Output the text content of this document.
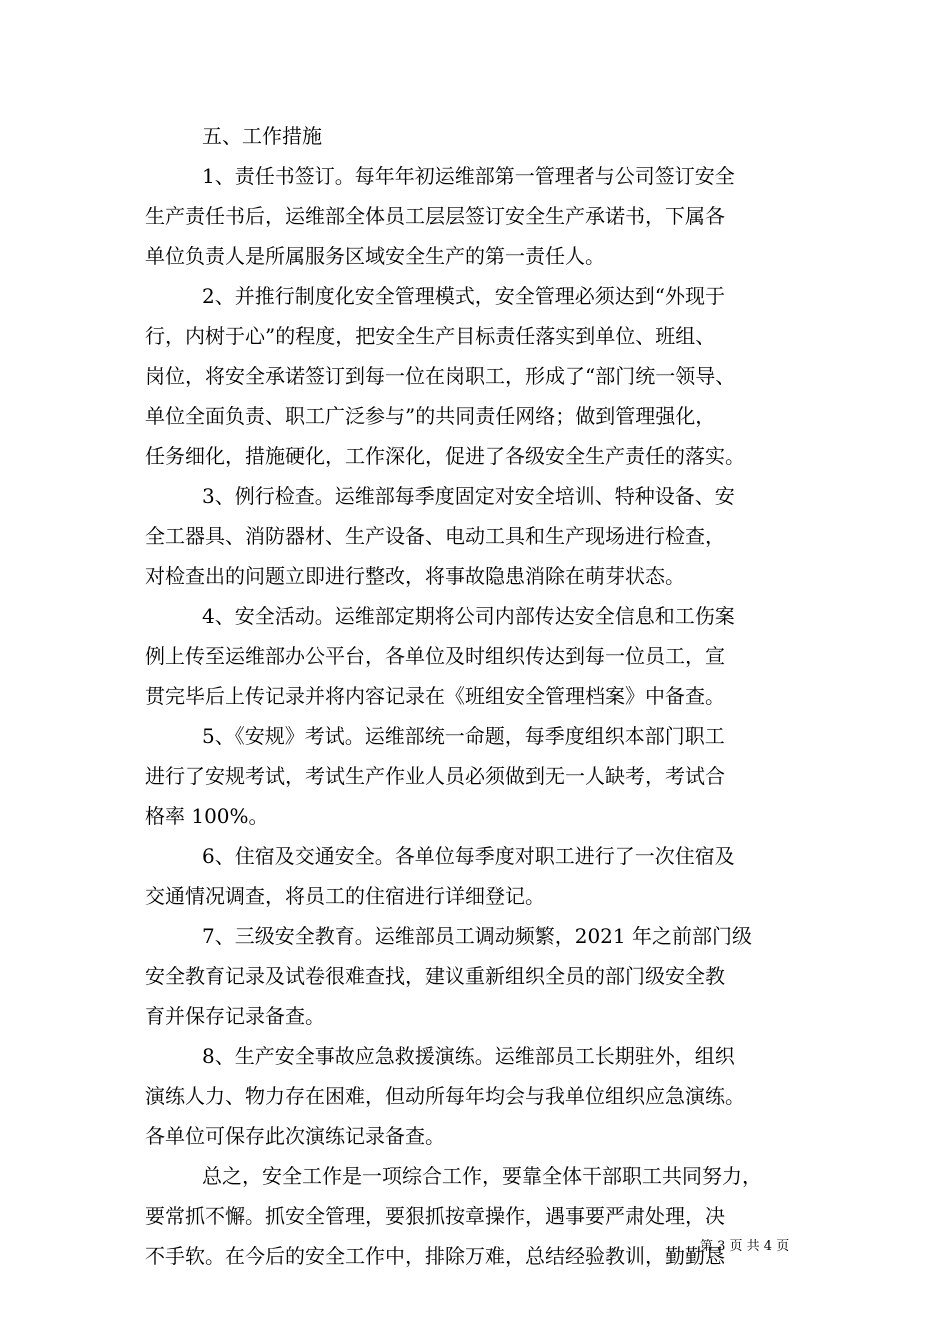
五、工作措施
1、责任书签订。每年年初运维部第一管理者与公司签订安全
生产责任书后，运维部全体员工层层签订安全生产承诺书，下属各
单位负责人是所属服务区域安全生产的第一责任人。
2、并推行制度化安全管理模式，安全管理必须达到“外现于
行，内树于心”的程度，把安全生产目标责任落实到单位、班组、
岗位，将安全承诺签订到每一位在岗职工，形成了“部门统一领导、
单位全面负责、职工广泛参与”的共同责任网络；做到管理强化，
任务细化，措施硬化，工作深化，促进了各级安全生产责任的落实。
3、例行检查。运维部每季度固定对安全培训、特种设备、安
全工器具、消防器材、生产设备、电动工具和生产现场进行检查，
对检查出的问题立即进行整改，将事故隐患消除在萌芽状态。
4、安全活动。运维部定期将公司内部传达安全信息和工伤案
例上传至运维部办公平台，各单位及时组织传达到每一位员工，宣
贯完毕后上传记录并将内容记录在《班组安全管理档案》中备查。
5、《安规》考试。运维部统一命题，每季度组织本部门职工
进行了安规考试，考试生产作业人员必须做到无一人缺考，考试合
格率 100%。
6、住宿及交通安全。各单位每季度对职工进行了一次住宿及
交通情况调查，将员工的住宿进行详细登记。
7、三级安全教育。运维部员工调动频繁，2021 年之前部门级
安全教育记录及试卷很难查找，建议重新组织全员的部门级安全教
育并保存记录备查。
8、生产安全事故应急救援演练。运维部员工长期驻外，组织
演练人力、物力存在困难，但动所每年均会与我单位组织应急演练。
各单位可保存此次演练记录备查。
总之，安全工作是一项综合工作，要靠全体干部职工共同努力，
要常抓不懈。抓安全管理，要狠抓按章操作，遇事要严肃处理，决
不手软。在今后的安全工作中，排除万难，总结经验教训，勤勤恳
第 3 页 共 4 页
